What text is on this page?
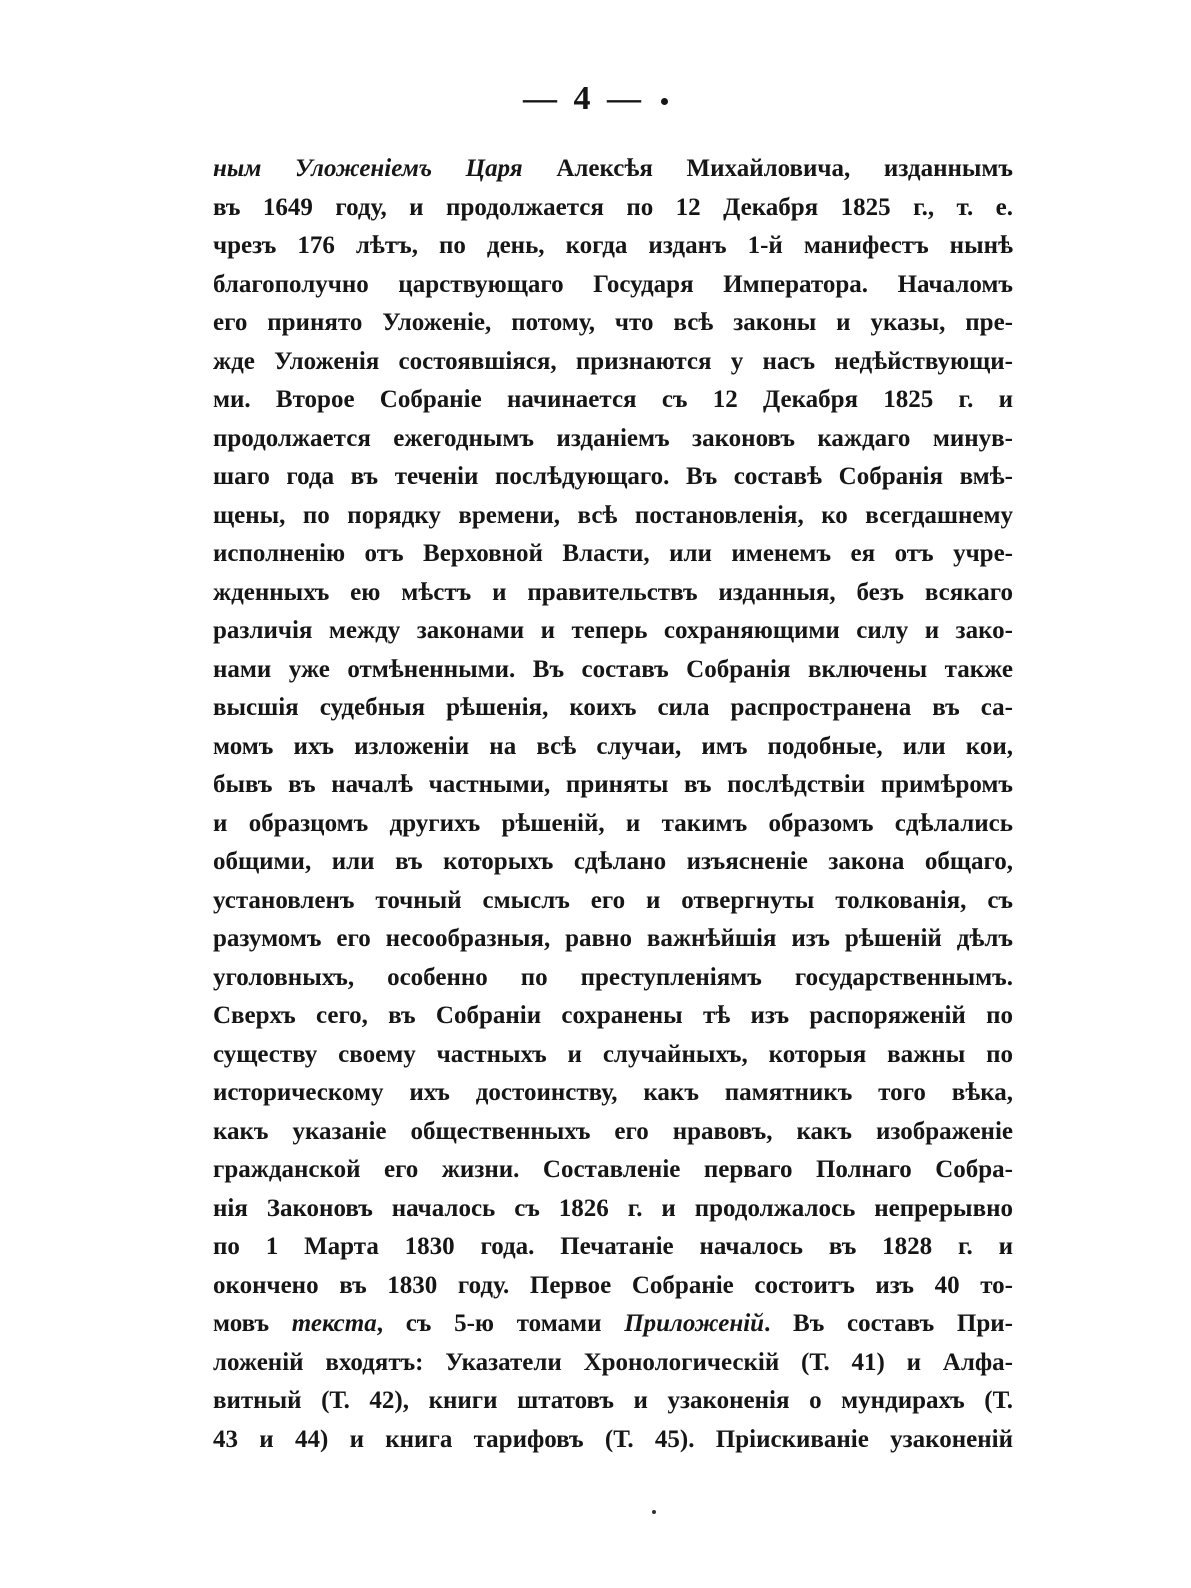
— 4 —
ным Уложеніемъ Царя Алексѣя Михайловича, изданнымъ
въ 1649 году, и продолжается по 12 Декабря 1825 г., т. е.
чрезъ 176 лѣтъ, по день, когда изданъ 1-й манифестъ нынѣ
благополучно царствующаго Государя Императора. Началомъ
его принято Уложеніе, потому, что всѣ законы и указы, пре-
жде Уложенія состоявшіяся, признаются у насъ недѣйствующи-
ми. Второе Собраніе начинается съ 12 Декабря 1825 г. и
продолжается ежегоднымъ изданіемъ законовъ каждаго минув-
шаго года въ теченіи послѣдующаго. Въ составѣ Собранія вмѣ-
щены, по порядку времени, всѣ постановленія, ко всегдашнему
исполненію отъ Верховной Власти, или именемъ ея отъ учре-
жденныхъ ею мѣстъ и правительствъ изданныя, безъ всякаго
различія между законами и теперь сохраняющими силу и зако-
нами уже отмѣненными. Въ составъ Собранія включены также
высшія судебныя рѣшенія, коихъ сила распространена въ са-
момъ ихъ изложеніи на всѣ случаи, имъ подобные, или кои,
бывъ въ началѣ частными, приняты въ послѣдствіи примѣромъ
и образцомъ другихъ рѣшеній, и такимъ образомъ сдѣлались
общими, или въ которыхъ сдѣлано изъясненіе закона общаго,
установленъ точный смыслъ его и отвергнуты толкованія, съ
разумомъ его несообразныя, равно важнѣйшія изъ рѣшеній дѣлъ
уголовныхъ, особенно по преступленіямъ государственнымъ.
Сверхъ сего, въ Собраніи сохранены тѣ изъ распоряженій по
существу своему частныхъ и случайныхъ, которыя важны по
историческому ихъ достоинству, какъ памятникъ того вѣка,
какъ указаніе общественныхъ его нравовъ, какъ изображеніе
гражданской его жизни. Составленіе перваго Полнаго Собра-
нія Законовъ началось съ 1826 г. и продолжалось непрерывно
по 1 Марта 1830 года. Печатаніе началось въ 1828 г. и
окончено въ 1830 году. Первое Собраніе состоитъ изъ 40 то-
мовъ текста, съ 5-ю томами Приложеній. Въ составъ При-
ложеній входятъ: Указатели Хронологическій (Т. 41) и Алфа-
витный (Т. 42), книги штатовъ и узаконенія о мундирахъ (Т.
43 и 44) и книга тарифовъ (Т. 45). Пріискиваніе узаконеній
